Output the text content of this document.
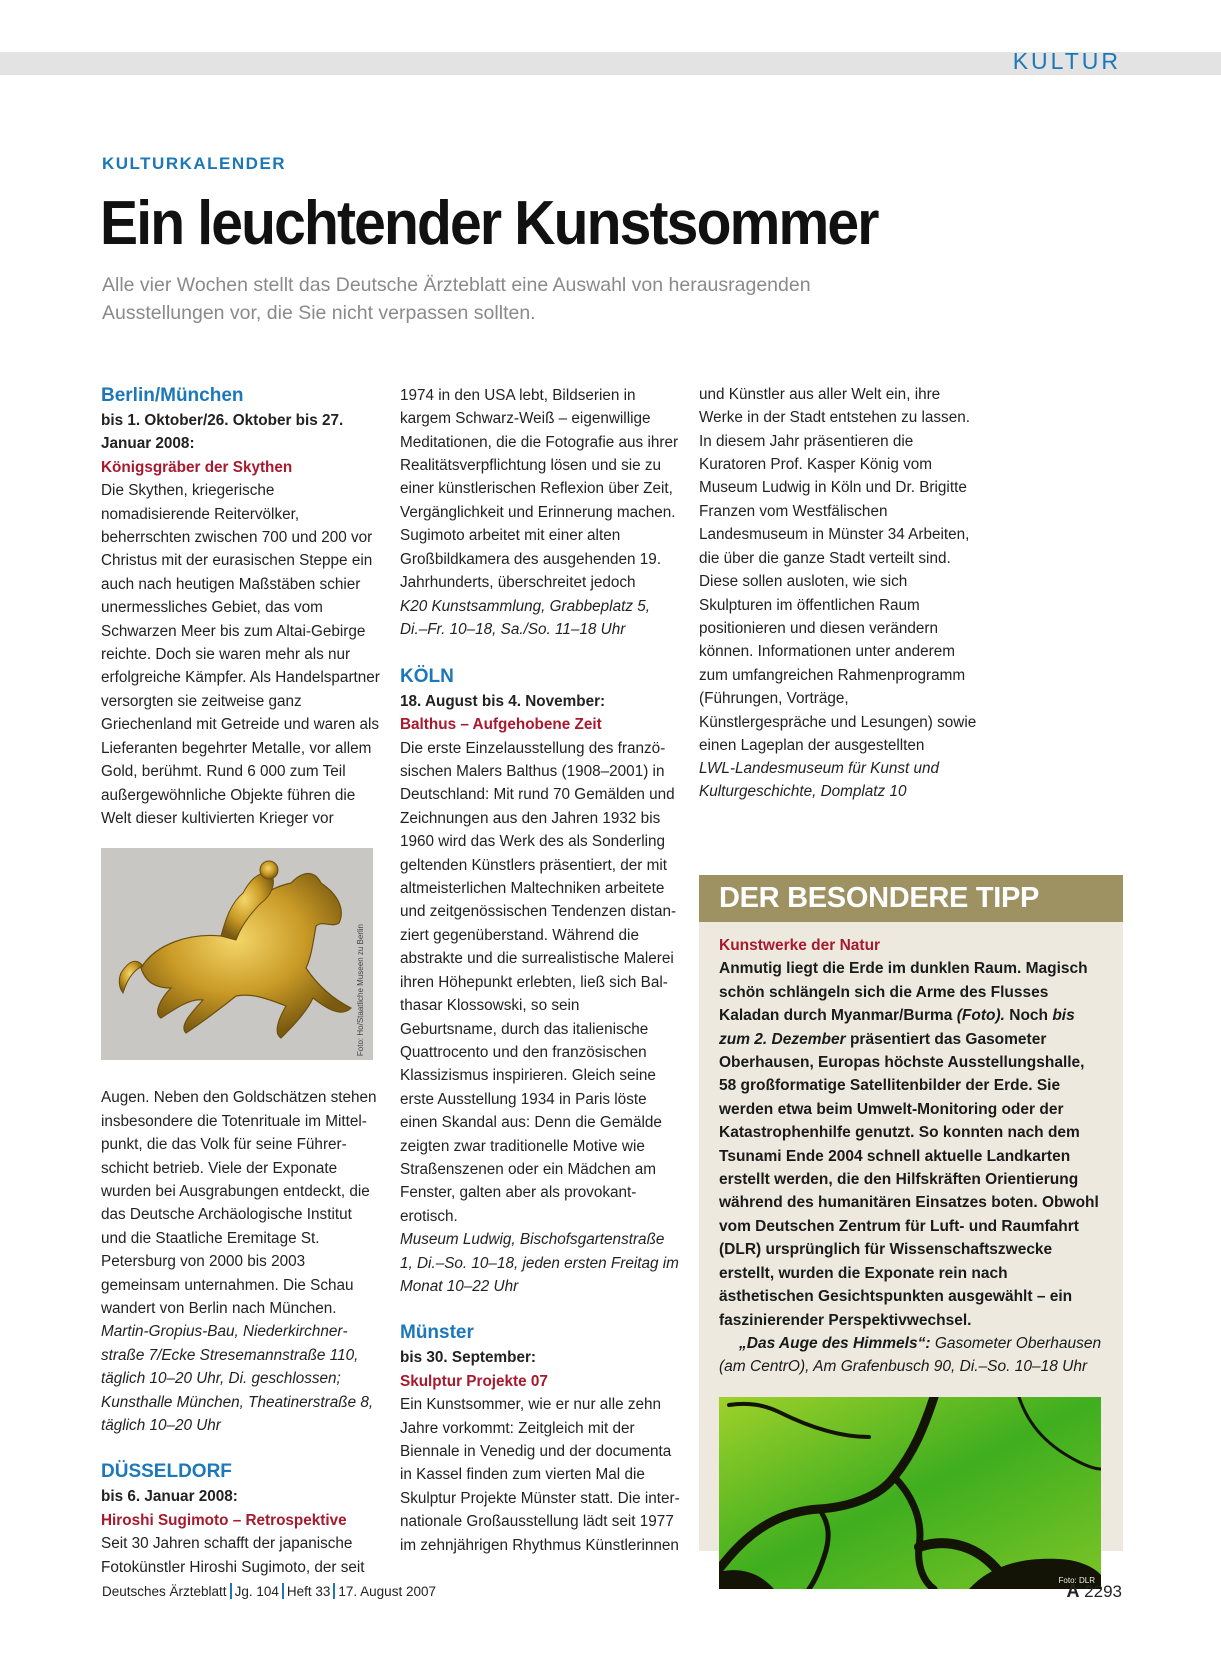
KULTUR
KULTURKALENDER
Ein leuchtender Kunstsommer
Alle vier Wochen stellt das Deutsche Ärzteblatt eine Auswahl von herausragenden Ausstellungen vor, die Sie nicht verpassen sollten.

Berlin/München

bis 1. Oktober/26. Oktober bis 27. Januar 2008:

Königsgräber der Skythen

Die Skythen, kriegerische nomadisierende Reitervölker, beherrschten zwischen 700 und 200 vor Christus mit der eurasischen Steppe ein auch nach heutigen Maßstäben schier unermessliches Gebiet, das vom Schwarzen Meer bis zum Altai-Gebirge reichte. Doch sie waren mehr als nur erfolgreiche Kämpfer. Als Handelspartner versorgten sie zeitweise ganz Griechenland mit Getreide und waren als Lieferanten begehrter Metalle, vor allem Gold, berühmt. Rund 6 000 zum Teil außergewöhnliche Objekte führen die Welt dieser kultivierten Krieger vor

Foto: Ho/Staatliche Museen zu Berlin

Augen. Neben den Goldschätzen stehen insbesondere die Totenrituale im Mittelpunkt, die das Volk für seine Führerschicht betrieb. Viele der Exponate wurden bei Ausgrabungen entdeckt, die das Deutsche Archäologische Institut und die Staatliche Eremitage St. Petersburg von 2000 bis 2003 gemeinsam unternahmen. Die Schau wandert von Berlin nach München.

Martin-Gropius-Bau, Niederkirchnerstraße 7/Ecke Stresemannstraße 110, täglich 10–20 Uhr, Di. geschlossen; Kunsthalle München, Theatinerstraße 8, täglich 10–20 Uhr

DÜSSELDORF

bis 6. Januar 2008:

Hiroshi Sugimoto – Retrospektive

Seit 30 Jahren schafft der japanische Fotokünstler Hiroshi Sugimoto, der seit

1974 in den USA lebt, Bildserien in kargem Schwarz-Weiß – eigenwillige Meditationen, die die Fotografie aus ihrer Realitätsverpflichtung lösen und sie zu einer künstlerischen Reflexion über Zeit, Vergänglichkeit und Erinnerung machen. Sugimoto arbeitet mit einer alten Großbildkamera des ausgehenden 19. Jahrhunderts, überschreitet jedoch

K20 Kunstsammlung, Grabbeplatz 5, Di.–Fr. 10–18, Sa./So. 11–18 Uhr

KÖLN

18. August bis 4. November:

Balthus – Aufgehobene Zeit

Die erste Einzelausstellung des französischen Malers Balthus (1908–2001) in Deutschland: Mit rund 70 Gemälden und Zeichnungen aus den Jahren 1932 bis 1960 wird das Werk des als Sonderling geltenden Künstlers präsentiert, der mit altmeisterlichen Maltechniken arbeitete und zeitgenössischen Tendenzen distanziert gegenüberstand. Während die abstrakte und die surrealistische Malerei ihren Höhepunkt erlebten, ließ sich Balthasar Klossowski, so sein Geburtsname, durch das italienische Quattrocento und den französischen Klassizismus inspirieren. Gleich seine erste Ausstellung 1934 in Paris löste einen Skandal aus: Denn die Gemälde zeigten zwar traditionelle Motive wie Straßenszenen oder ein Mädchen am Fenster, galten aber als provokant-erotisch.

Museum Ludwig, Bischofsgartenstraße 1, Di.–So. 10–18, jeden ersten Freitag im Monat 10–22 Uhr

Münster

bis 30. September:

Skulptur Projekte 07

Ein Kunstsommer, wie er nur alle zehn Jahre vorkommt: Zeitgleich mit der Biennale in Venedig und der documenta in Kassel finden zum vierten Mal die Skulptur Projekte Münster statt. Die internationale Großausstellung lädt seit 1977 im zehnjährigen Rhythmus Künstlerinnen

und Künstler aus aller Welt ein, ihre Werke in der Stadt entstehen zu lassen. In diesem Jahr präsentieren die Kuratoren Prof. Kasper König vom Museum Ludwig in Köln und Dr. Brigitte Franzen vom Westfälischen Landesmuseum in Münster 34 Arbeiten, die über die ganze Stadt verteilt sind. Diese sollen ausloten, wie sich Skulpturen im öffentlichen Raum positionieren und diesen verändern können. Informationen unter anderem zum umfangreichen Rahmenprogramm (Führungen, Vorträge, Künstlergespräche und Lesungen) sowie einen Lageplan der ausgestellten

LWL-Landesmuseum für Kunst und Kulturgeschichte, Domplatz 10

DER BESONDERE TIPP

Kunstwerke der Natur

Anmutig liegt die Erde im dunklen Raum. Magisch schön schlängeln sich die Arme des Flusses Kaladan durch Myanmar/Burma (Foto). Noch bis zum 2. Dezember präsentiert das Gasometer Oberhausen, Europas höchste Ausstellungshalle, 58 großformatige Satellitenbilder der Erde. Sie werden etwa beim Umwelt-Monitoring oder der Katastrophenhilfe genutzt. So konnten nach dem Tsunami Ende 2004 schnell aktuelle Landkarten erstellt werden, die den Hilfskräften Orientierung während des humanitären Einsatzes boten. Obwohl vom Deutschen Zentrum für Luft- und Raumfahrt (DLR) ursprünglich für Wissenschaftszwecke erstellt, wurden die Exponate rein nach ästhetischen Gesichtspunkten ausgewählt – ein faszinierender Perspektivwechsel.

„Das Auge des Himmels“: Gasometer Oberhausen (am CentrO), Am Grafenbusch 90, Di.–So. 10–18 Uhr

Foto: DLR
Deutsches Ärzteblatt Jg. 104 Heft 33 17. August 2007	A 2293
